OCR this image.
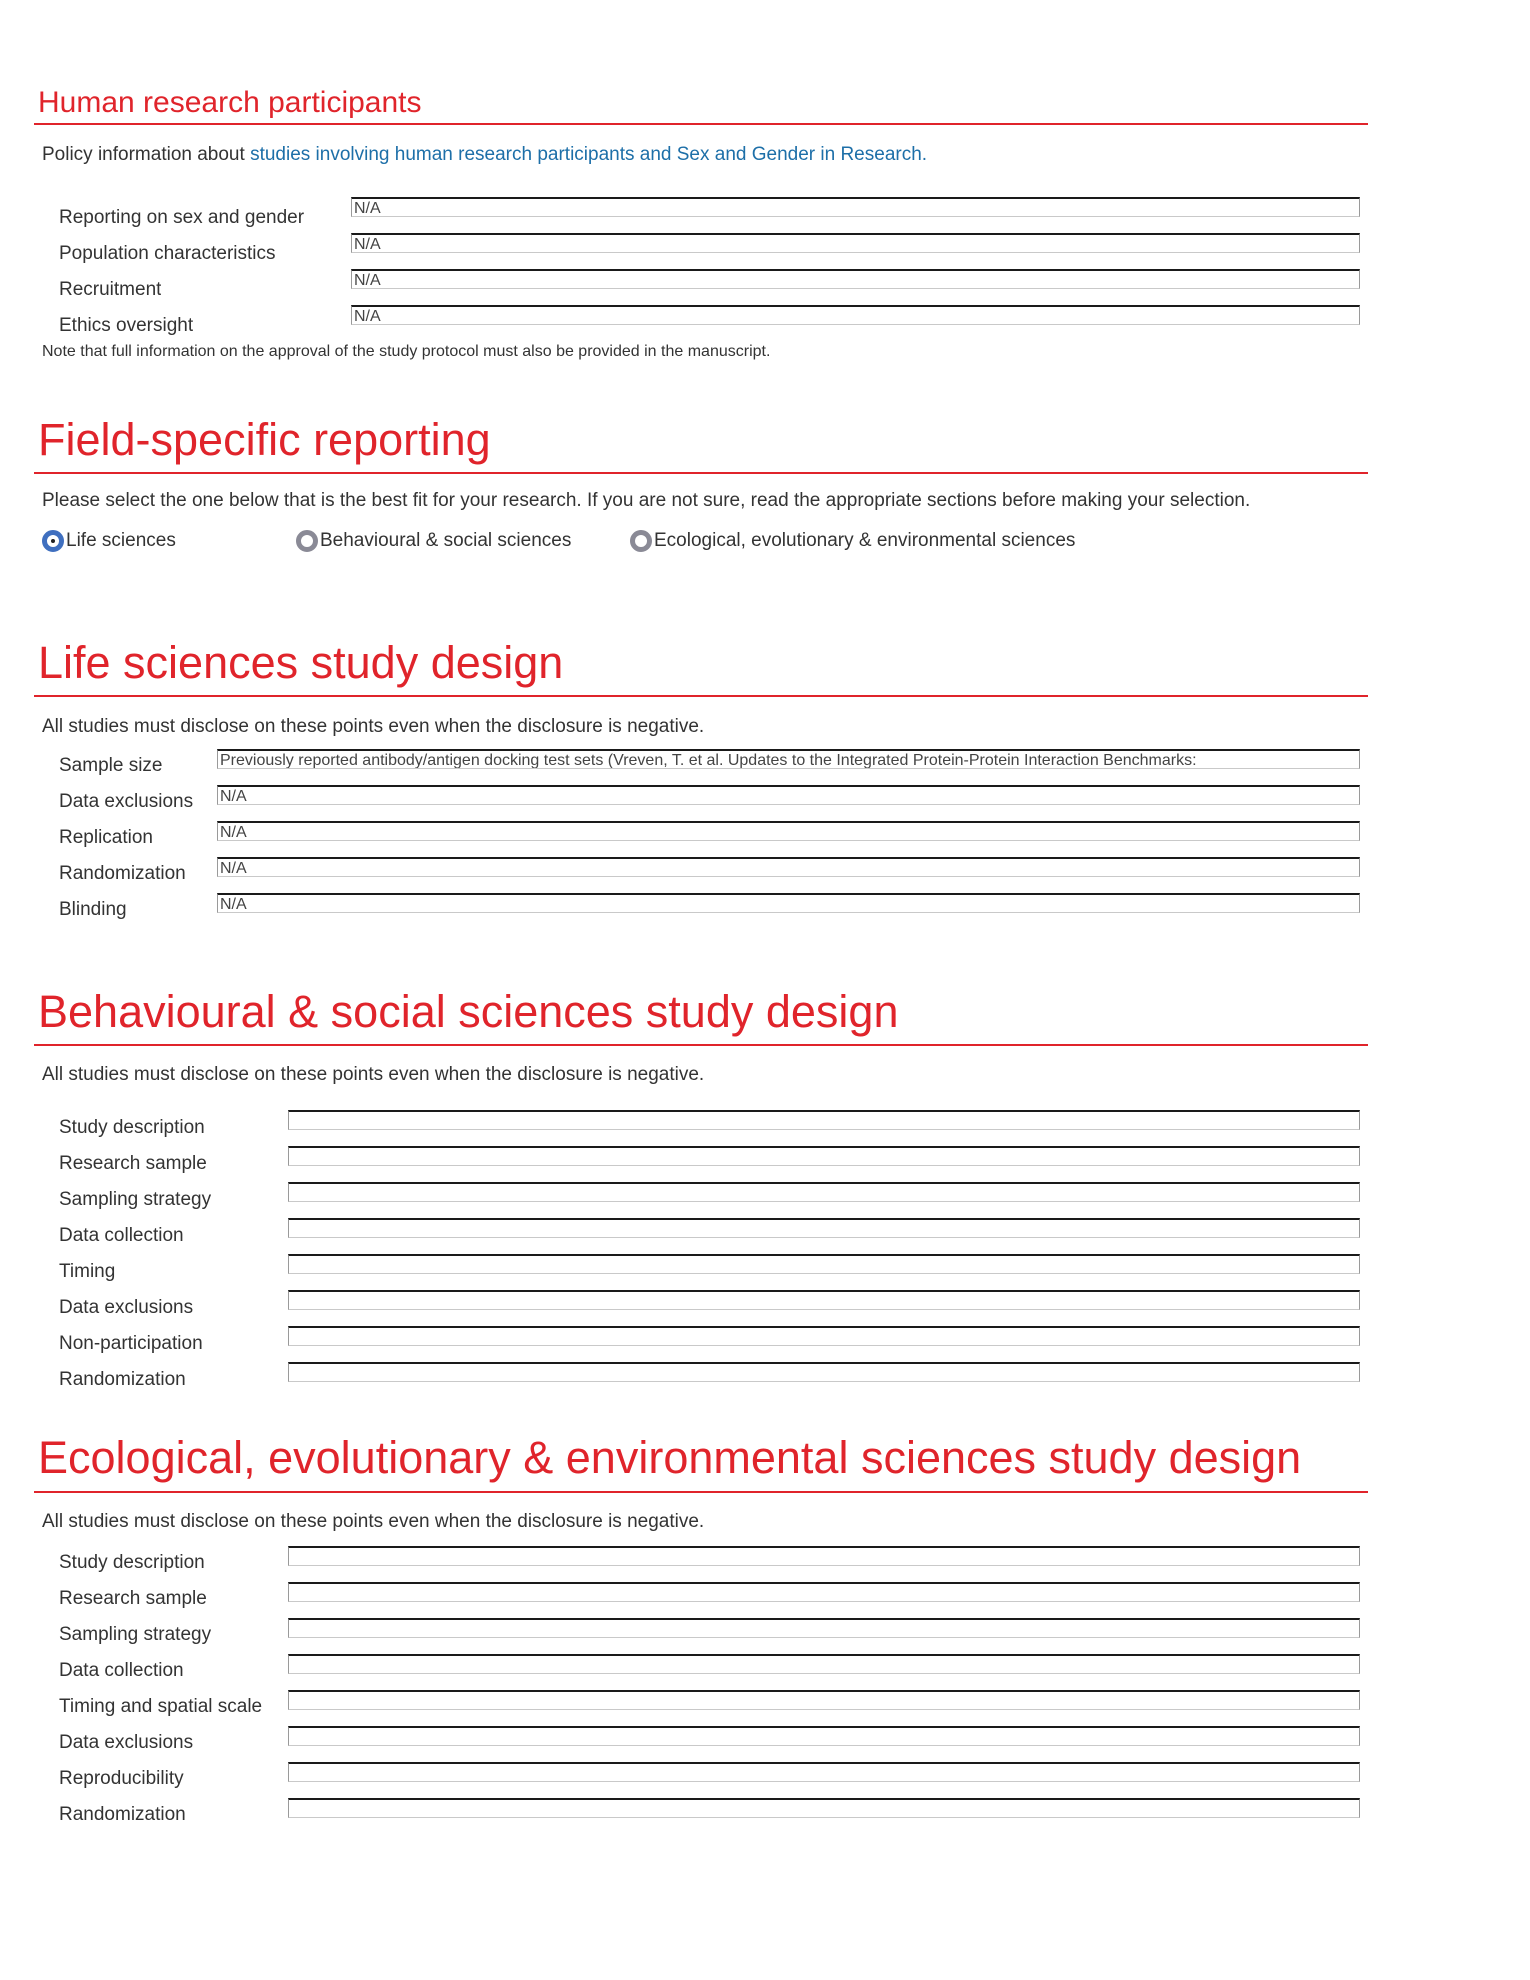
Human research participants

Policy information about studies involving human research participants and Sex and Gender in Research.

Reporting on sex and gender	N/A
Population characteristics	N/A
Recruitment	N/A
Ethics oversight	N/A

Note that full information on the approval of the study protocol must also be provided in the manuscript.

Field-specific reporting

Please select the one below that is the best fit for your research. If you are not sure, read the appropriate sections before making your selection.

Life sciences	Behavioural & social sciences	Ecological, evolutionary & environmental sciences
Life sciences study design

All studies must disclose on these points even when the disclosure is negative.

Sample size	Previously reported antibody/antigen docking test sets (Vreven, T. et al. Updates to the Integrated Protein-Protein Interaction Benchmarks:
Data exclusions N/A
Replication	N/A
Randomization N/A
Blinding	N/A
Behavioural & social sciences study design

All studies must disclose on these points even when the disclosure is negative.

Study description
Research sample
Sampling strategy
Data collection
Timing
Data exclusions
Non-participation
Randomization
Ecological, evolutionary & environmental sciences study design

All studies must disclose on these points even when the disclosure is negative.

Study description
Research sample
Sampling strategy
Data collection
Timing and spatial scale
Data exclusions
Reproducibility
Randomization
